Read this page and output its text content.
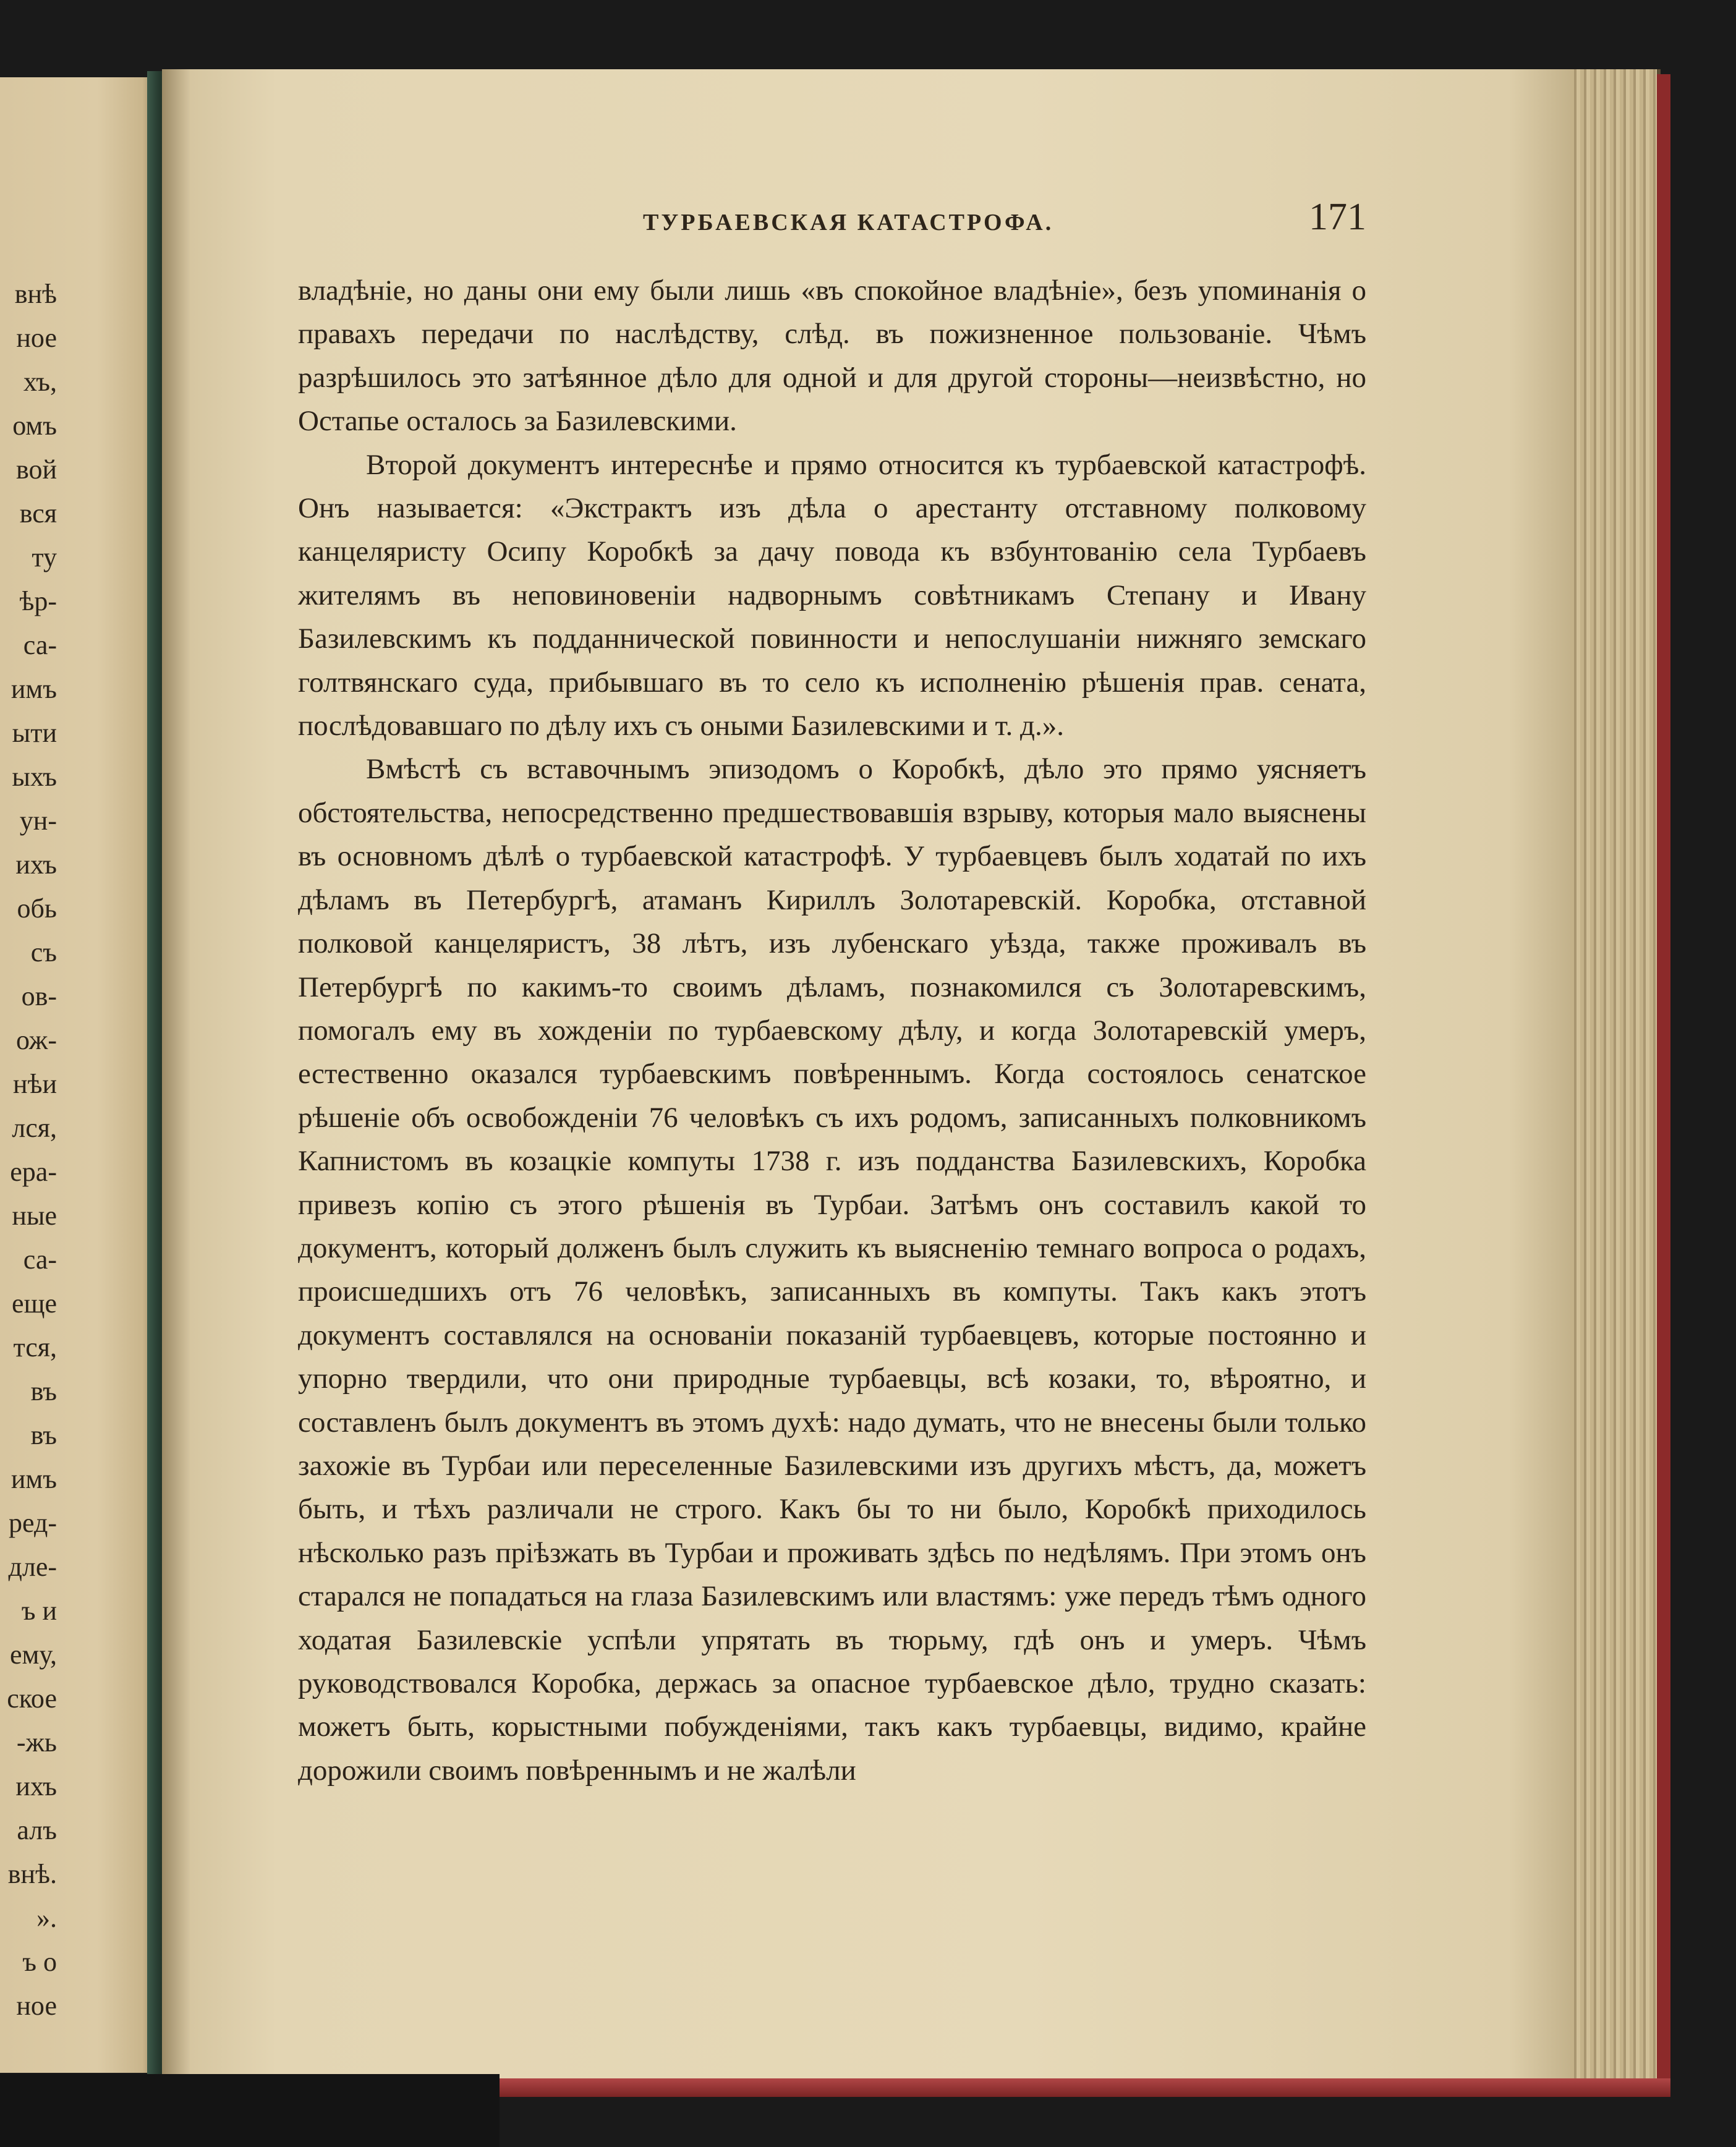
внѣ
ное
хъ,
омъ
вой
вся
ту
ѣр-
са-
имъ
ыти
ыхъ
ун-
ихъ
обь
съ
ов-
ож-
нѣи
лся,
ера-
ные
са-
еще
тся,
въ
въ
имъ
ред-
дле-
ъ и
ему,
ское
-жь
ихъ
алъ
внѣ.
».
ъ о
ное
ТУРБАЕВСКАЯ КАТАСТРОФА.	171

владѣніе, но даны они ему были лишь «въ спокойное владѣніе», безъ упоминанія о правахъ передачи по наслѣдству, слѣд. въ пожизненное пользованіе. Чѣмъ разрѣшилось это затѣянное дѣло для одной и для другой стороны—неизвѣстно, но Остапье осталось за Базилевскими.

Второй документъ интереснѣе и прямо относится къ турбаевской катастрофѣ. Онъ называется: «Экстрактъ изъ дѣла о арестанту отставному полковому канцеляристу Осипу Коробкѣ за дачу повода къ взбунтованію села Турбаевъ жителямъ въ неповиновеніи надворнымъ совѣтникамъ Степану и Ивану Базилевскимъ къ подданнической повинности и непослушаніи нижняго земскаго голтвянскаго суда, прибывшаго въ то село къ исполненію рѣшенія прав. сената, послѣдовавшаго по дѣлу ихъ съ оными Базилевскими и т. д.».

Вмѣстѣ съ вставочнымъ эпизодомъ о Коробкѣ, дѣло это прямо уясняетъ обстоятельства, непосредственно предшествовавшія взрыву, которыя мало выяснены въ основномъ дѣлѣ о турбаевской катастрофѣ. У турбаевцевъ былъ ходатай по ихъ дѣламъ въ Петербургѣ, атаманъ Кириллъ Золотаревскій. Коробка, отставной полковой канцеляристъ, 38 лѣтъ, изъ лубенскаго уѣзда, также проживалъ въ Петербургѣ по какимъ-то своимъ дѣламъ, познакомился съ Золотаревскимъ, помогалъ ему въ хожденіи по турбаевскому дѣлу, и когда Золотаревскій умеръ, естественно оказался турбаевскимъ повѣреннымъ. Когда состоялось сенатское рѣшеніе объ освобожденіи 76 человѣкъ съ ихъ родомъ, записанныхъ полковникомъ Капнистомъ въ козацкіе компуты 1738 г. изъ подданства Базилевскихъ, Коробка привезъ копію съ этого рѣшенія въ Турбаи. Затѣмъ онъ составилъ какой то документъ, который долженъ былъ служить къ выясненію темнаго вопроса о родахъ, происшедшихъ отъ 76 человѣкъ, записанныхъ въ компуты. Такъ какъ этотъ документъ составлялся на основаніи показаній турбаевцевъ, которые постоянно и упорно твердили, что они природные турбаевцы, всѣ козаки, то, вѣроятно, и составленъ былъ документъ въ этомъ духѣ: надо думать, что не внесены были только захожіе въ Турбаи или переселенные Базилевскими изъ другихъ мѣстъ, да, можетъ быть, и тѣхъ различали не строго. Какъ бы то ни было, Коробкѣ приходилось нѣсколько разъ пріѣзжать въ Турбаи и проживать здѣсь по недѣлямъ. При этомъ онъ старался не попадаться на глаза Базилевскимъ или властямъ: уже передъ тѣмъ одного ходатая Базилевскіе успѣли упрятать въ тюрьму, гдѣ онъ и умеръ. Чѣмъ руководствовался Коробка, держась за опасное турбаевское дѣло, трудно сказать: можетъ быть, корыстными побужденіями, такъ какъ турбаевцы, видимо, крайне дорожили своимъ повѣреннымъ и не жалѣли
